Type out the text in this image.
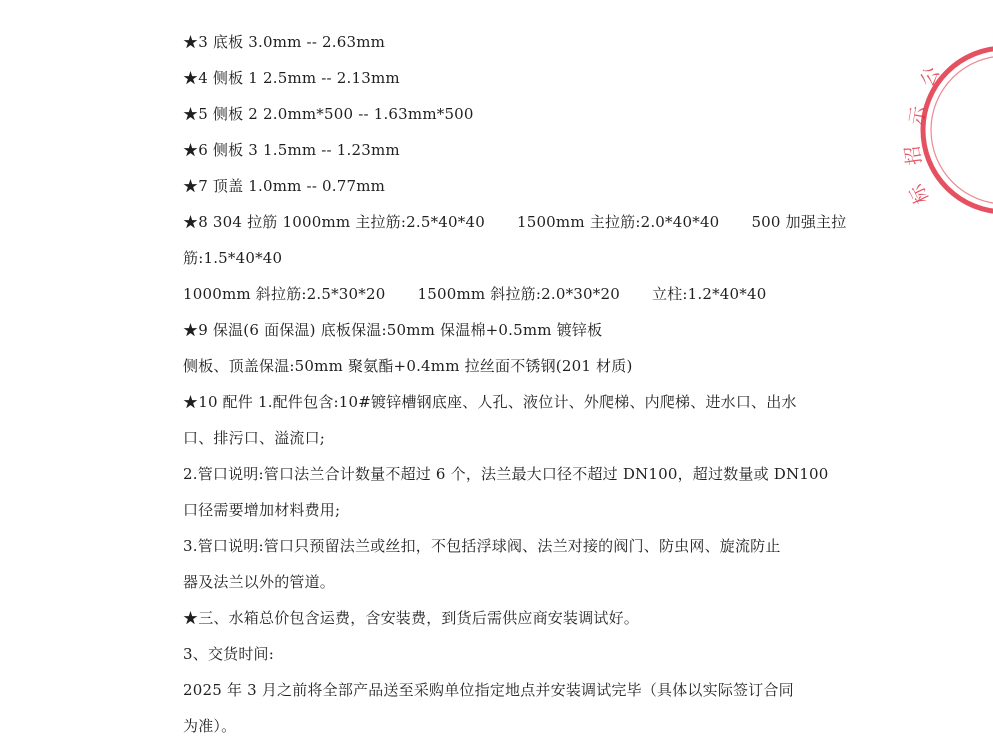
★3 底板 3.0mm -- 2.63mm
★4 侧板 1 2.5mm -- 2.13mm
★5 侧板 2 2.0mm*500 -- 1.63mm*500
★6 侧板 3 1.5mm -- 1.23mm
★7 顶盖 1.0mm -- 0.77mm
★8 304 拉筋 1000mm 主拉筋:2.5*40*40 1500mm 主拉筋:2.0*40*40 500 加强主拉
筋:1.5*40*40
1000mm 斜拉筋:2.5*30*20 1500mm 斜拉筋:2.0*30*20 立柱:1.2*40*40
★9 保温(6 面保温) 底板保温:50mm 保温棉+0.5mm 镀锌板
侧板、顶盖保温:50mm 聚氨酯+0.4mm 拉丝面不锈钢(201 材质)
★10 配件 1.配件包含:10#镀锌槽钢底座、人孔、液位计、外爬梯、内爬梯、进水口、出水
口、排污口、溢流口;
2.管口说明:管口法兰合计数量不超过 6 个，法兰最大口径不超过 DN100，超过数量或 DN100
口径需要增加材料费用;
3.管口说明:管口只预留法兰或丝扣，不包括浮球阀、法兰对接的阀门、防虫网、旋流防止
器及法兰以外的管道。
★三、水箱总价包含运费，含安装费，到货后需供应商安装调试好。
3、交货时间:
2025 年 3 月之前将全部产品送至采购单位指定地点并安装调试完毕（具体以实际签订合同
为准）。
公
示
招
标
